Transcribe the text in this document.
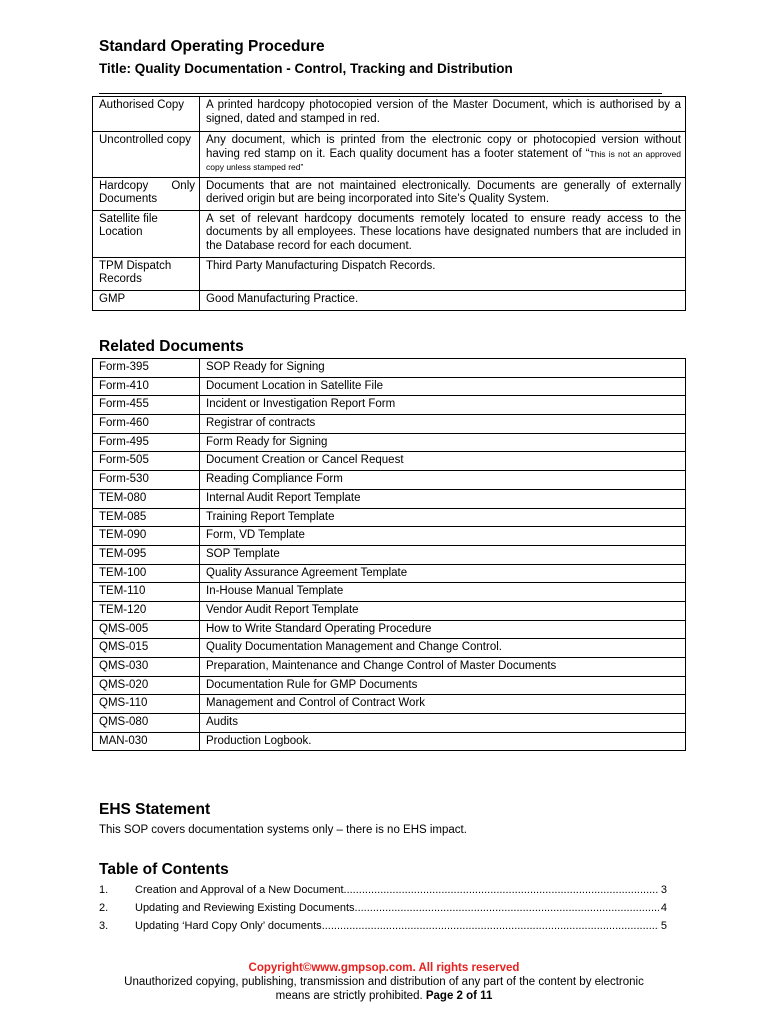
Standard Operating Procedure
Title: Quality Documentation - Control, Tracking and Distribution
Authorised Copy	A printed hardcopy photocopied version of the Master Document, which is authorised by a signed, dated and stamped in red.
Uncontrolled copy	Any document, which is printed from the electronic copy or photocopied version without having red stamp on it. Each quality document has a footer statement of “This is not an approved copy unless stamped red”
Hardcopy Only Documents	Documents that are not maintained electronically. Documents are generally of externally derived origin but are being incorporated into Site’s Quality System.
Satellite file Location	A set of relevant hardcopy documents remotely located to ensure ready access to the documents by all employees. These locations have designated numbers that are included in the Database record for each document.
TPM Dispatch Records	Third Party Manufacturing Dispatch Records.
GMP	Good Manufacturing Practice.
Related Documents
Form-395	SOP Ready for Signing
Form-410	Document Location in Satellite File
Form-455	Incident or Investigation Report Form
Form-460	Registrar of contracts
Form-495	Form Ready for Signing
Form-505	Document Creation or Cancel Request
Form-530	Reading Compliance Form
TEM-080	Internal Audit Report Template
TEM-085	Training Report Template
TEM-090	Form, VD Template
TEM-095	SOP Template
TEM-100	Quality Assurance Agreement Template
TEM-110	In-House Manual Template
TEM-120	Vendor Audit Report Template
QMS-005	How to Write Standard Operating Procedure
QMS-015	Quality Documentation Management and Change Control.
QMS-030	Preparation, Maintenance and Change Control of Master Documents
QMS-020	Documentation Rule for GMP Documents
QMS-110	Management and Control of Contract Work
QMS-080	Audits
MAN-030	Production Logbook.
EHS Statement
This SOP covers documentation systems only – there is no EHS impact.
Table of Contents
1.	Creation and Approval of a New Document .....	3
2.	Updating and Reviewing Existing Documents .....	4
3.	Updating ‘Hard Copy Only’ documents .....	5
Copyright©www.gmpsop.com. All rights reserved
Unauthorized copying, publishing, transmission and distribution of any part of the content by electronic
means are strictly prohibited. Page 2 of 11
